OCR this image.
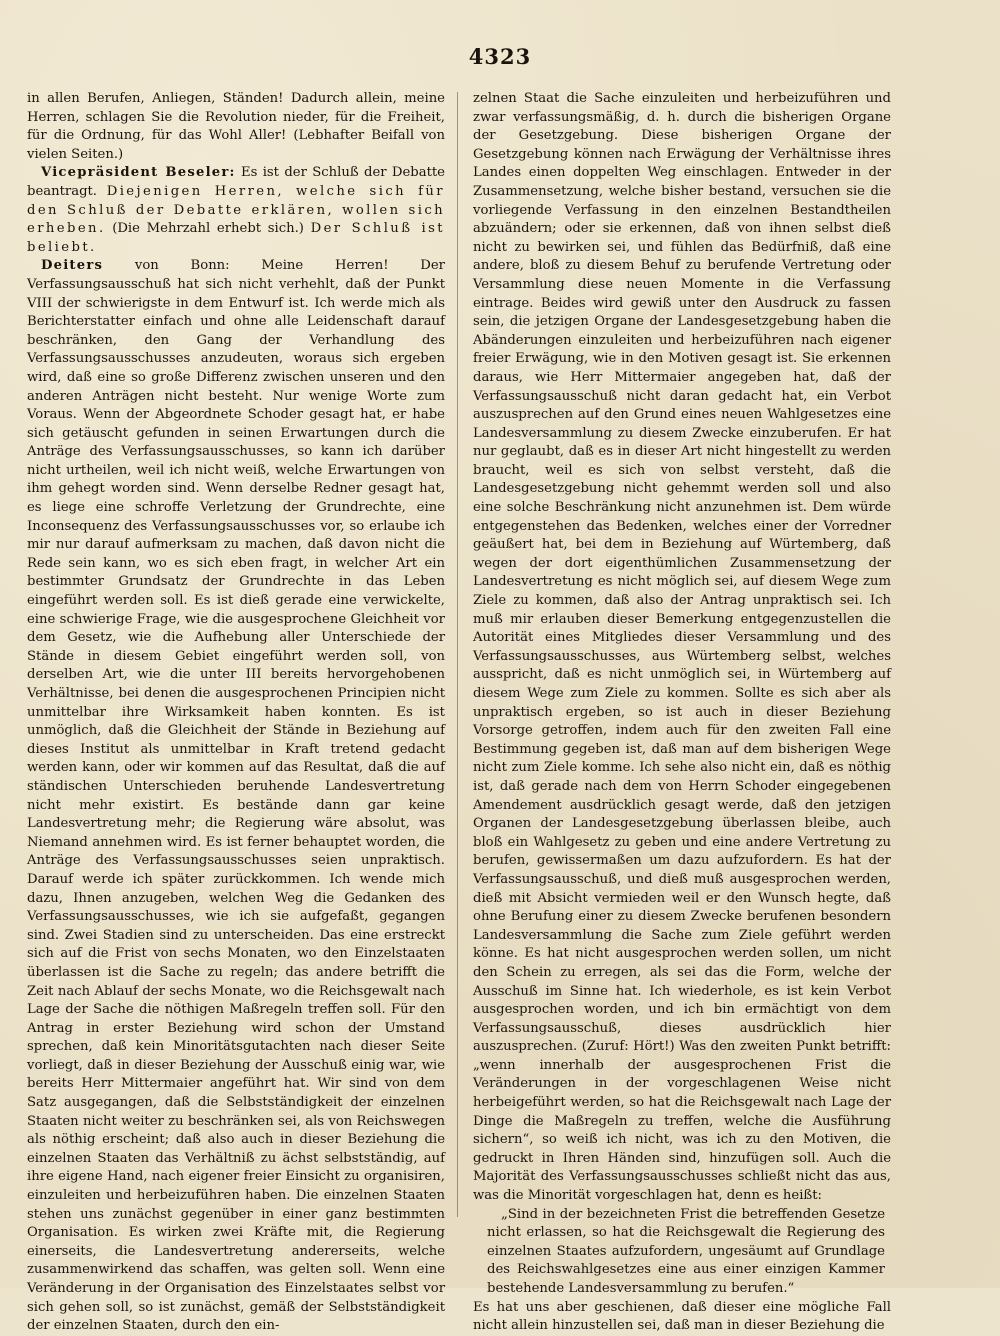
4323

in allen Berufen, Anliegen, Ständen! Dadurch allein, meine Herren, schlagen Sie die Revolution nieder, für die Freiheit, für die Ordnung, für das Wohl Aller! (Lebhafter Beifall von vielen Seiten.)

Vicepräsident Beseler: Es ist der Schluß der Debatte beantragt. Diejenigen Herren, welche sich für den Schluß der Debatte erklären, wollen sich erheben. (Die Mehrzahl erhebt sich.) Der Schluß ist beliebt.

Deiters von Bonn: Meine Herren! Der Verfassungsausschuß hat sich nicht verhehlt, daß der Punkt VIII der schwierigste in dem Entwurf ist. Ich werde mich als Berichterstatter einfach und ohne alle Leidenschaft darauf beschränken, den Gang der Verhandlung des Verfassungsausschusses anzudeuten, woraus sich ergeben wird, daß eine so große Differenz zwischen unseren und den anderen Anträgen nicht besteht. Nur wenige Worte zum Voraus. Wenn der Abgeordnete Schoder gesagt hat, er habe sich getäuscht gefunden in seinen Erwartungen durch die Anträge des Verfassungsausschusses, so kann ich darüber nicht urtheilen, weil ich nicht weiß, welche Erwartungen von ihm gehegt worden sind. Wenn derselbe Redner gesagt hat, es liege eine schroffe Verletzung der Grundrechte, eine Inconsequenz des Verfassungsausschusses vor, so erlaube ich mir nur darauf aufmerksam zu machen, daß davon nicht die Rede sein kann, wo es sich eben fragt, in welcher Art ein bestimmter Grundsatz der Grundrechte in das Leben eingeführt werden soll. Es ist dieß gerade eine verwickelte, eine schwierige Frage, wie die ausgesprochene Gleichheit vor dem Gesetz, wie die Aufhebung aller Unterschiede der Stände in diesem Gebiet eingeführt werden soll, von derselben Art, wie die unter III bereits hervorgehobenen Verhältnisse, bei denen die ausgesprochenen Principien nicht unmittelbar ihre Wirksamkeit haben konnten. Es ist unmöglich, daß die Gleichheit der Stände in Beziehung auf dieses Institut als unmittelbar in Kraft tretend gedacht werden kann, oder wir kommen auf das Resultat, daß die auf ständischen Unterschieden beruhende Landesvertretung nicht mehr existirt. Es bestände dann gar keine Landesvertretung mehr; die Regierung wäre absolut, was Niemand annehmen wird. Es ist ferner behauptet worden, die Anträge des Verfassungsausschusses seien unpraktisch. Darauf werde ich später zurückkommen. Ich wende mich dazu, Ihnen anzugeben, welchen Weg die Gedanken des Verfassungsausschusses, wie ich sie aufgefaßt, gegangen sind. Zwei Stadien sind zu unterscheiden. Das eine erstreckt sich auf die Frist von sechs Monaten, wo den Einzelstaaten überlassen ist die Sache zu regeln; das andere betrifft die Zeit nach Ablauf der sechs Monate, wo die Reichsgewalt nach Lage der Sache die nöthigen Maßregeln treffen soll. Für den Antrag in erster Beziehung wird schon der Umstand sprechen, daß kein Minoritätsgutachten nach dieser Seite vorliegt, daß in dieser Beziehung der Ausschuß einig war, wie bereits Herr Mittermaier angeführt hat. Wir sind von dem Satz ausgegangen, daß die Selbstständigkeit der einzelnen Staaten nicht weiter zu beschränken sei, als von Reichswegen als nöthig erscheint; daß also auch in dieser Beziehung die einzelnen Staaten das Verhältniß zu ächst selbstständig, auf ihre eigene Hand, nach eigener freier Einsicht zu organisiren, einzuleiten und herbeizuführen haben. Die einzelnen Staaten stehen uns zunächst gegenüber in einer ganz bestimmten Organisation. Es wirken zwei Kräfte mit, die Regierung einerseits, die Landesvertretung andererseits, welche zusammenwirkend das schaffen, was gelten soll. Wenn eine Veränderung in der Organisation des Einzelstaates selbst vor sich gehen soll, so ist zunächst, gemäß der Selbstständigkeit der einzelnen Staaten, durch den ein-

zelnen Staat die Sache einzuleiten und herbeizuführen und zwar verfassungsmäßig, d. h. durch die bisherigen Organe der Gesetzgebung. Diese bisherigen Organe der Gesetzgebung können nach Erwägung der Verhältnisse ihres Landes einen doppelten Weg einschlagen. Entweder in der Zusammensetzung, welche bisher bestand, versuchen sie die vorliegende Verfassung in den einzelnen Bestandtheilen abzuändern; oder sie erkennen, daß von ihnen selbst dieß nicht zu bewirken sei, und fühlen das Bedürfniß, daß eine andere, bloß zu diesem Behuf zu berufende Vertretung oder Versammlung diese neuen Momente in die Verfassung eintrage. Beides wird gewiß unter den Ausdruck zu fassen sein, die jetzigen Organe der Landesgesetzgebung haben die Abänderungen einzuleiten und herbeizuführen nach eigener freier Erwägung, wie in den Motiven gesagt ist. Sie erkennen daraus, wie Herr Mittermaier angegeben hat, daß der Verfassungsausschuß nicht daran gedacht hat, ein Verbot auszusprechen auf den Grund eines neuen Wahlgesetzes eine Landesversammlung zu diesem Zwecke einzuberufen. Er hat nur geglaubt, daß es in dieser Art nicht hingestellt zu werden braucht, weil es sich von selbst versteht, daß die Landesgesetzgebung nicht gehemmt werden soll und also eine solche Beschränkung nicht anzunehmen ist. Dem würde entgegenstehen das Bedenken, welches einer der Vorredner geäußert hat, bei dem in Beziehung auf Würtemberg, daß wegen der dort eigenthümlichen Zusammensetzung der Landesvertretung es nicht möglich sei, auf diesem Wege zum Ziele zu kommen, daß also der Antrag unpraktisch sei. Ich muß mir erlauben dieser Bemerkung entgegenzustellen die Autorität eines Mitgliedes dieser Versammlung und des Verfassungsausschusses, aus Würtemberg selbst, welches ausspricht, daß es nicht unmöglich sei, in Würtemberg auf diesem Wege zum Ziele zu kommen. Sollte es sich aber als unpraktisch ergeben, so ist auch in dieser Beziehung Vorsorge getroffen, indem auch für den zweiten Fall eine Bestimmung gegeben ist, daß man auf dem bisherigen Wege nicht zum Ziele komme. Ich sehe also nicht ein, daß es nöthig ist, daß gerade nach dem von Herrn Schoder eingegebenen Amendement ausdrücklich gesagt werde, daß den jetzigen Organen der Landesgesetzgebung überlassen bleibe, auch bloß ein Wahlgesetz zu geben und eine andere Vertretung zu berufen, gewissermaßen um dazu aufzufordern. Es hat der Verfassungsausschuß, und dieß muß ausgesprochen werden, dieß mit Absicht vermieden weil er den Wunsch hegte, daß ohne Berufung einer zu diesem Zwecke berufenen besondern Landesversammlung die Sache zum Ziele geführt werden könne. Es hat nicht ausgesprochen werden sollen, um nicht den Schein zu erregen, als sei das die Form, welche der Ausschuß im Sinne hat. Ich wiederhole, es ist kein Verbot ausgesprochen worden, und ich bin ermächtigt von dem Verfassungsausschuß, dieses ausdrücklich hier auszusprechen. (Zuruf: Hört!) Was den zweiten Punkt betrifft: „wenn innerhalb der ausgesprochenen Frist die Veränderungen in der vorgeschlagenen Weise nicht herbeigeführt werden, so hat die Reichsgewalt nach Lage der Dinge die Maßregeln zu treffen, welche die Ausführung sichern“, so weiß ich nicht, was ich zu den Motiven, die gedruckt in Ihren Händen sind, hinzufügen soll. Auch die Majorität des Verfassungsausschusses schließt nicht das aus, was die Minorität vorgeschlagen hat, denn es heißt:

„Sind in der bezeichneten Frist die betreffenden Gesetze nicht erlassen, so hat die Reichsgewalt die Regierung des einzelnen Staates aufzufordern, ungesäumt auf Grundlage des Reichswahlgesetzes eine aus einer einzigen Kammer bestehende Landesversammlung zu berufen.“

Es hat uns aber geschienen, daß dieser eine mögliche Fall nicht allein hinzustellen sei, daß man in dieser Beziehung die
